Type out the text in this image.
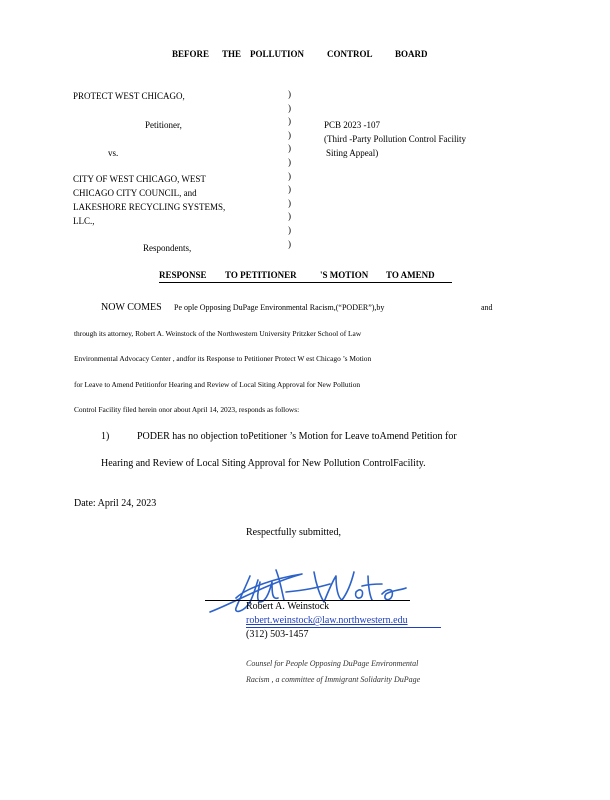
BEFORE THE POLLUTION	CONTROL BOARD
PROTECT WEST CHICAGO,
Petitioner,
vs.
CITY OF WEST CHICAGO, WEST
CHICAGO CITY COUNCIL, and
LAKESHORE RECYCLING SYSTEMS,
LLC.,
Respondents,
)
)
)
)
)
)
)
)
)
)
)
)
PCB 2023 -107
(Third -Party Pollution Control Facility
Siting Appeal)
RESPONSE TO PETITIONER	'S MOTION TO AMEND
NOW COMES Pe ople Opposing DuPage Environmental Racism,(“PODER”),by	and
through its attorney, Robert A. Weinstock of the Northwestern University Pritzker School of Law
Environmental Advocacy Center , andfor its Response to Petitioner Protect W est Chicago ’s Motion
for Leave to Amend Petitionfor Hearing and Review of Local Siting Approval for New Pollution
Control Facility filed herein onor about April 14, 2023, responds as follows:
1)	PODER has no objection toPetitioner ’s Motion for Leave toAmend Petition for
Hearing and Review of Local Siting Approval for New Pollution ControlFacility.
Date: April 24, 2023
Respectfully submitted,
Robert A. Weinstock
robert.weinstock@law.northwestern.edu
(312) 503-1457
Counsel for People Opposing DuPage Environmental
Racism , a committee of Immigrant Solidarity DuPage
